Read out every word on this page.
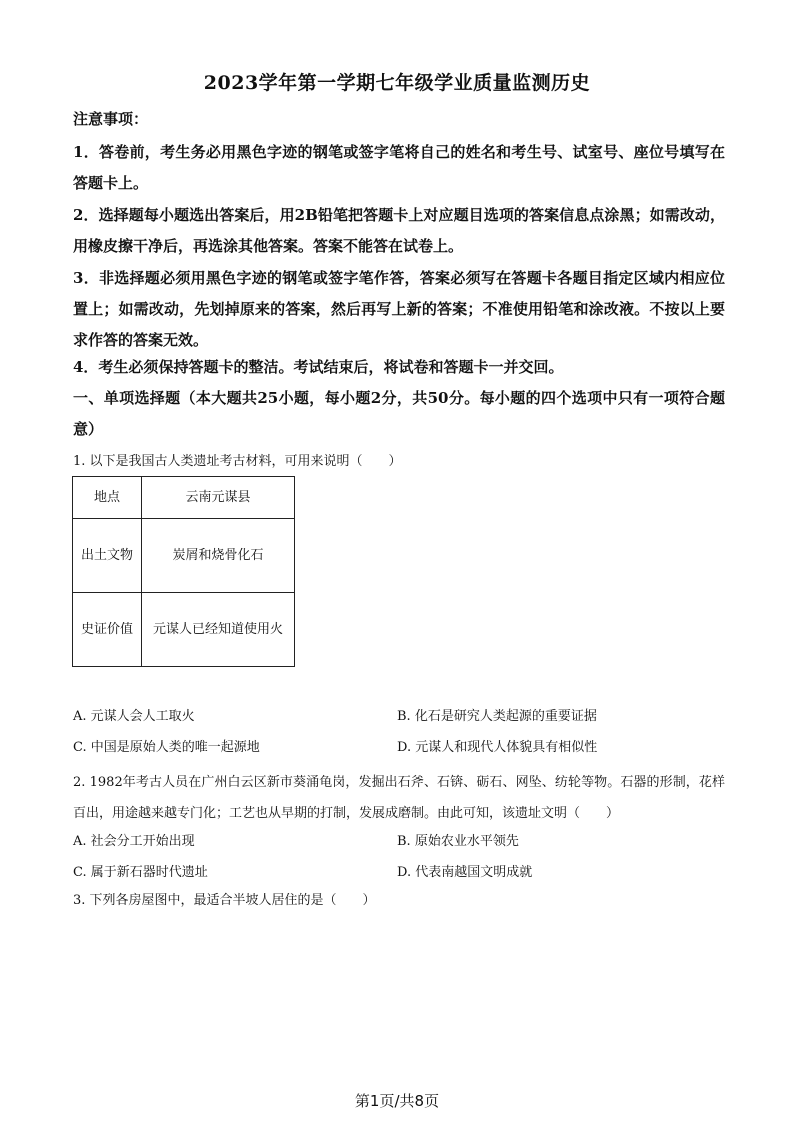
2023学年第一学期七年级学业质量监测历史
注意事项：
1．答卷前，考生务必用黑色字迹的钢笔或签字笔将自己的姓名和考生号、试室号、座位号填写在答题卡上。
2．选择题每小题选出答案后，用2B铅笔把答题卡上对应题目选项的答案信息点涂黑；如需改动，用橡皮擦干净后，再选涂其他答案。答案不能答在试卷上。
3．非选择题必须用黑色字迹的钢笔或签字笔作答，答案必须写在答题卡各题目指定区域内相应位置上；如需改动，先划掉原来的答案，然后再写上新的答案；不准使用铅笔和涂改液。不按以上要求作答的答案无效。
4．考生必须保持答题卡的整洁。考试结束后，将试卷和答题卡一并交回。
一、单项选择题（本大题共25小题，每小题2分，共50分。每小题的四个选项中只有一项符合题意）
1. 以下是我国古人类遗址考古材料，可用来说明（　　）
地点	云南元谋县
出土文物	炭屑和烧骨化石
史证价值	元谋人已经知道使用火
A. 元谋人会人工取火	B. 化石是研究人类起源的重要证据
C. 中国是原始人类的唯一起源地	D. 元谋人和现代人体貌具有相似性
2. 1982年考古人员在广州白云区新市葵涌龟岗，发掘出石斧、石锛、砺石、网坠、纺轮等物。石器的形制，花样百出，用途越来越专门化；工艺也从早期的打制，发展成磨制。由此可知，该遗址文明（　　）
A. 社会分工开始出现	B. 原始农业水平领先
C. 属于新石器时代遗址	D. 代表南越国文明成就
3. 下列各房屋图中，最适合半坡人居住的是（　　）
第1页/共8页
